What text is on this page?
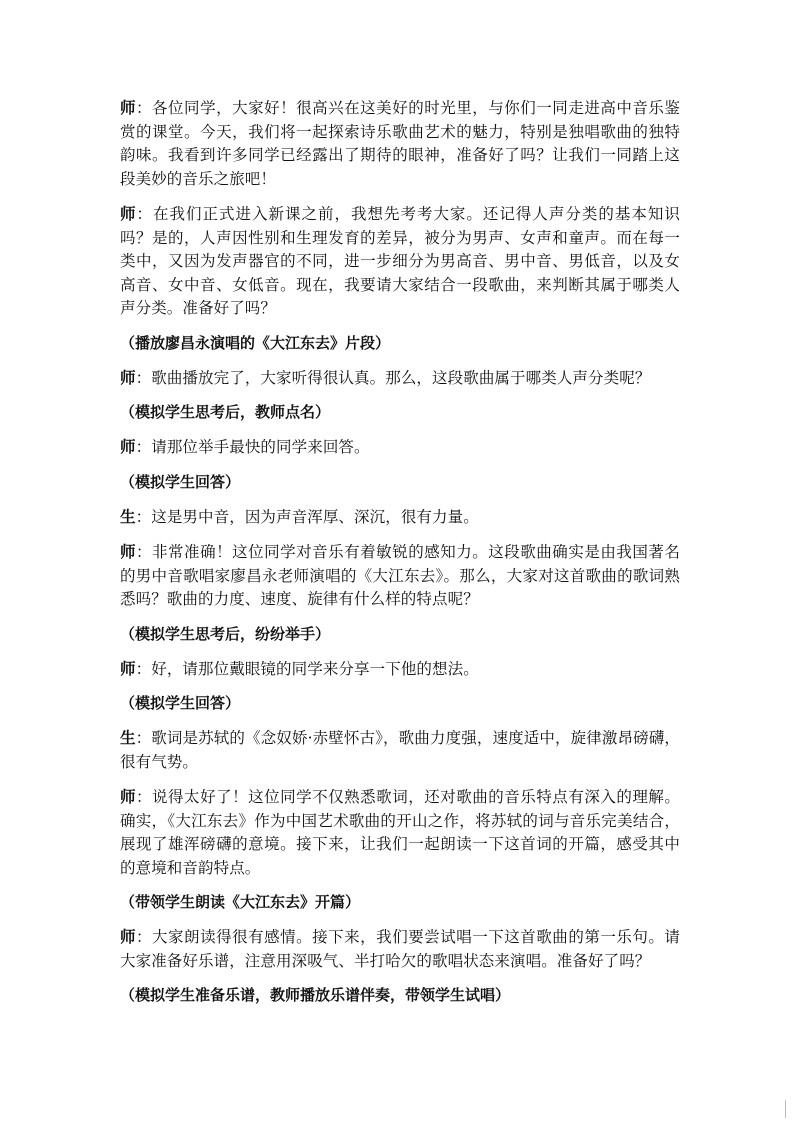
师：各位同学，大家好！很高兴在这美好的时光里，与你们一同走进高中音乐鉴赏的课堂。今天，我们将一起探索诗乐歌曲艺术的魅力，特别是独唱歌曲的独特韵味。我看到许多同学已经露出了期待的眼神，准备好了吗？让我们一同踏上这段美妙的音乐之旅吧！

师：在我们正式进入新课之前，我想先考考大家。还记得人声分类的基本知识吗？是的，人声因性别和生理发育的差异，被分为男声、女声和童声。而在每一类中，又因为发声器官的不同，进一步细分为男高音、男中音、男低音，以及女高音、女中音、女低音。现在，我要请大家结合一段歌曲，来判断其属于哪类人声分类。准备好了吗？

（播放廖昌永演唱的《大江东去》片段）

师：歌曲播放完了，大家听得很认真。那么，这段歌曲属于哪类人声分类呢？

（模拟学生思考后，教师点名）

师：请那位举手最快的同学来回答。

（模拟学生回答）

生：这是男中音，因为声音浑厚、深沉，很有力量。

师：非常准确！这位同学对音乐有着敏锐的感知力。这段歌曲确实是由我国著名的男中音歌唱家廖昌永老师演唱的《大江东去》。那么，大家对这首歌曲的歌词熟悉吗？歌曲的力度、速度、旋律有什么样的特点呢？

（模拟学生思考后，纷纷举手）

师：好，请那位戴眼镜的同学来分享一下他的想法。

（模拟学生回答）

生：歌词是苏轼的《念奴娇·赤壁怀古》，歌曲力度强，速度适中，旋律激昂磅礴，很有气势。

师：说得太好了！这位同学不仅熟悉歌词，还对歌曲的音乐特点有深入的理解。确实，《大江东去》作为中国艺术歌曲的开山之作，将苏轼的词与音乐完美结合，展现了雄浑磅礴的意境。接下来，让我们一起朗读一下这首词的开篇，感受其中的意境和音韵特点。

（带领学生朗读《大江东去》开篇）

师：大家朗读得很有感情。接下来，我们要尝试唱一下这首歌曲的第一乐句。请大家准备好乐谱，注意用深吸气、半打哈欠的歌唱状态来演唱。准备好了吗？

（模拟学生准备乐谱，教师播放乐谱伴奏，带领学生试唱）
